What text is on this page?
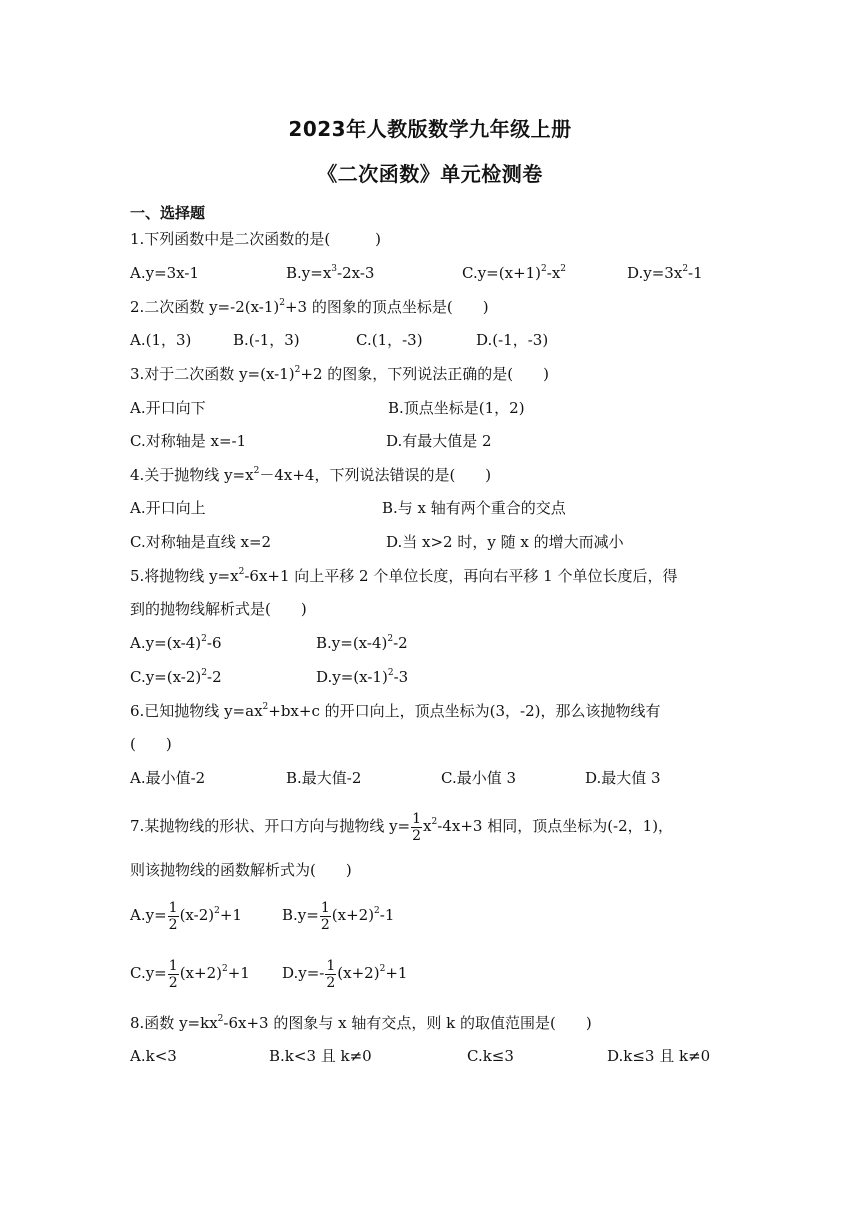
2023年人教版数学九年级上册
《二次函数》单元检测卷
一、选择题
1.下列函数中是二次函数的是(　　　)
A.y=3x-1	$B.y=x^3-2x-3$	$C.y=(x+1)^2-x^2$	$D.y=3x^2-1$
2.二次函数 $y=-2(x-1)^2+3$ 的图象的顶点坐标是(　　)
A.(1，3)	B.(-1，3)	C.(1，-3)	D.(-1，-3)
3.对于二次函数 $y=(x-1)^2+2$ 的图象，下列说法正确的是(　　)
A.开口向下	B.顶点坐标是(1，2)
C.对称轴是 x=-1	D.有最大值是 2
4.关于抛物线 $y=x^2-4x+4$，下列说法错误的是(　　)
A.开口向上	B.与 x 轴有两个重合的交点
C.对称轴是直线 x=2	D.当 x>2 时，y 随 x 的增大而减小
5.将抛物线 $y=x^2-6x+1$ 向上平移 2 个单位长度，再向右平移 1 个单位长度后，得
到的抛物线解析式是(　　)
$A.y=(x-4)^2-6$	$B.y=(x-4)^2-2$
$C.y=(x-2)^2-2$	$D.y=(x-1)^2-3$
6.已知抛物线 $y=ax^2+bx+c$ 的开口向上，顶点坐标为(3，-2)，那么该抛物线有
(　　)
A.最小值-2	B.最大值-2	C.最小值 3	D.最大值 3
7.某抛物线的形状、开口方向与抛物线 $y= \frac{1}{2} x^2-4x+3$ 相同，顶点坐标为(-2，1)，
则该抛物线的函数解析式为(　　)
$A.y= \frac{1}{2} (x-2)^2+1$	$B.y= \frac{1}{2} (x+2)^2-1$
$C.y= \frac{1}{2} (x+2)^2+1$ $D.y=- \frac{1}{2} (x+2)^2+1$
8.函数 $y=kx^2-6x+3$ 的图象与 x 轴有交点，则 k 的取值范围是(　　)
A.k<3	B.k<3 且 k≠0	C.k≤3	D.k≤3 且 k≠0
